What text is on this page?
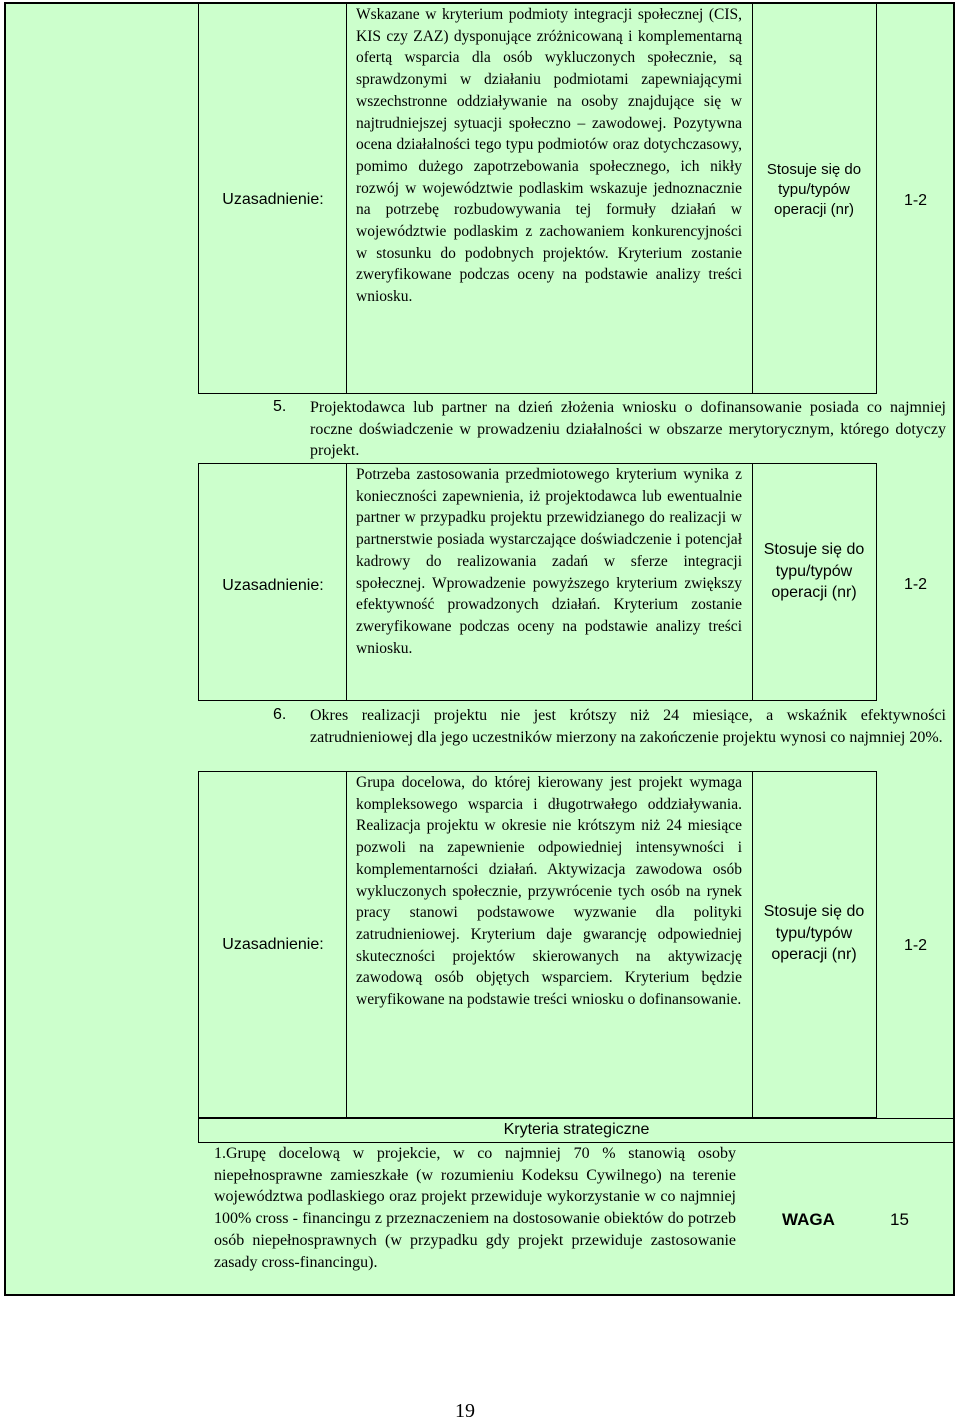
Uzasadnienie:
Wskazane w kryterium podmioty integracji społecznej (CIS, KIS czy ZAZ) dysponujące zróżnicowaną i komplementarną ofertą wsparcia dla osób wykluczonych społecznie, są sprawdzonymi w działaniu podmiotami zapewniającymi wszechstronne oddziaływanie na osoby znajdujące się w najtrudniejszej sytuacji społeczno – zawodowej. Pozytywna ocena działalności tego typu podmiotów oraz dotychczasowy, pomimo dużego zapotrzebowania społecznego, ich nikły rozwój w województwie podlaskim wskazuje jednoznacznie na potrzebę rozbudowywania tej formuły działań w województwie podlaskim z zachowaniem konkurencyjności w stosunku do podobnych projektów. Kryterium zostanie zweryfikowane podczas oceny na podstawie analizy treści wniosku.
Stosuje się do typu/typów operacji (nr)
1-2
5. Projektodawca lub partner na dzień złożenia wniosku o dofinansowanie posiada co najmniej roczne doświadczenie w prowadzeniu działalności w obszarze merytorycznym, którego dotyczy projekt.
Uzasadnienie:
Potrzeba zastosowania przedmiotowego kryterium wynika z konieczności zapewnienia, iż projektodawca lub ewentualnie partner w przypadku projektu przewidzianego do realizacji w partnerstwie posiada wystarczające doświadczenie i potencjał kadrowy do realizowania zadań w sferze integracji społecznej. Wprowadzenie powyższego kryterium zwiększy efektywność prowadzonych działań. Kryterium zostanie zweryfikowane podczas oceny na podstawie analizy treści wniosku.
Stosuje się do typu/typów operacji (nr)	1-2
6. Okres realizacji projektu nie jest krótszy niż 24 miesiące, a wskaźnik efektywności zatrudnieniowej dla jego uczestników mierzony na zakończenie projektu wynosi co najmniej 20%.
Uzasadnienie:
Grupa docelowa, do której kierowany jest projekt wymaga kompleksowego wsparcia i długotrwałego oddziaływania. Realizacja projektu w okresie nie krótszym niż 24 miesiące pozwoli na zapewnienie odpowiedniej intensywności i komplementarności działań. Aktywizacja zawodowa osób wykluczonych społecznie, przywrócenie tych osób na rynek pracy stanowi podstawowe wyzwanie dla polityki zatrudnieniowej. Kryterium daje gwarancję odpowiedniej skuteczności projektów skierowanych na aktywizację zawodową osób objętych wsparciem. Kryterium będzie weryfikowane na podstawie treści wniosku o dofinansowanie.
Stosuje się do typu/typów operacji (nr)
1-2
Kryteria strategiczne
1.Grupę docelową w projekcie, w co najmniej 70 % stanowią osoby niepełnosprawne zamieszkałe (w rozumieniu Kodeksu Cywilnego) na terenie województwa podlaskiego oraz projekt przewiduje wykorzystanie w co najmniej 100% cross - financingu z przeznaczeniem na dostosowanie obiektów do potrzeb osób niepełnosprawnych (w przypadku gdy projekt przewiduje zastosowanie zasady cross-financingu).
WAGA	15
19
